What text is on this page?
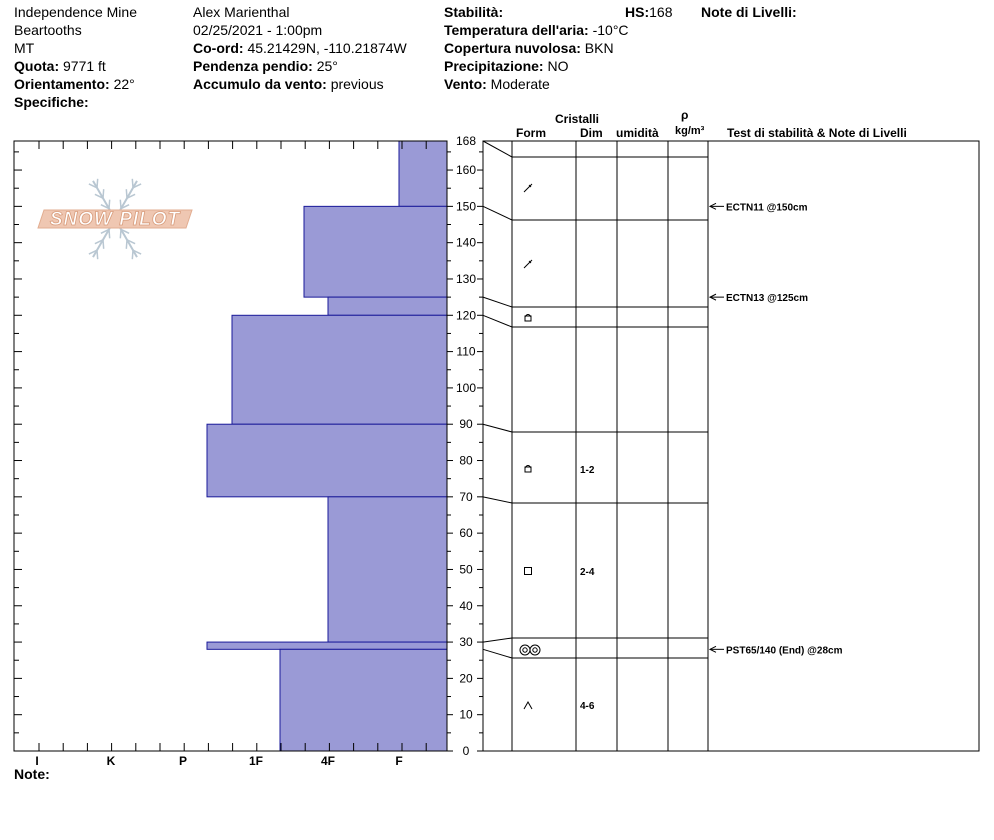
Independence Mine
Beartooths
MT
Quota: 9771 ft
Orientamento: 22°
Specifiche:
Alex Marienthal
02/25/2021 - 1:00pm
Co-ord: 45.21429N, -110.21874W
Pendenza pendio: 25°
Accumulo da vento: previous
Stabilità:	HS:168
Temperatura dell'aria: -10°C
Copertura nuvolosa: BKN
Precipitazione: NO
Vento: Moderate
Note di Livelli:
Cristalli
Form	Dim umidità
ρ
kg/m³ Test di stabilità & Note di Livelli
Note:
SNOW PILOT
I	K	P	1F	4F	F
0
10
20
30
40
50
60
70
80
90
100
110
120
130
140
150
160
168
1-2
2-4
4-6
ECTN11 @150cm
ECTN13 @125cm
PST65/140 (End) @28cm
